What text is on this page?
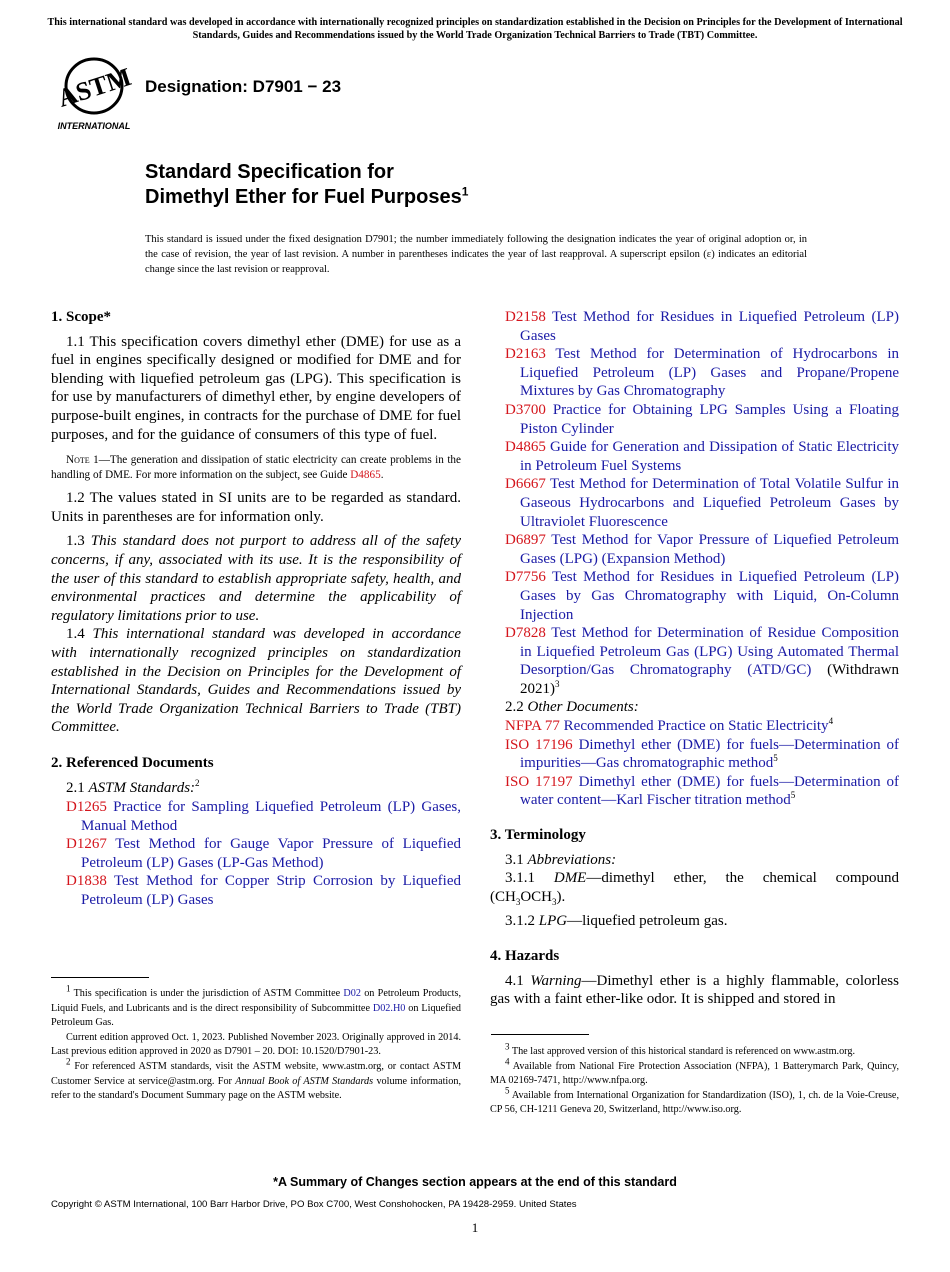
This international standard was developed in accordance with internationally recognized principles on standardization established in the Decision on Principles for the Development of International Standards, Guides and Recommendations issued by the World Trade Organization Technical Barriers to Trade (TBT) Committee.
ASTM
INTERNATIONAL
Designation: D7901 − 23
Standard Specification for
Dimethyl Ether for Fuel Purposes$^1$
This standard is issued under the fixed designation D7901; the number immediately following the designation indicates the year of original adoption or, in the case of revision, the year of last revision. A number in parentheses indicates the year of last reapproval. A superscript epsilon (ε) indicates an editorial change since the last revision or reapproval.
1. Scope*

1.1 This specification covers dimethyl ether (DME) for use as a fuel in engines specifically designed or modified for DME and for blending with liquefied petroleum gas (LPG). This specification is for use by manufacturers of dimethyl ether, by engine developers of purpose-built engines, in contracts for the purchase of DME for fuel purposes, and for the guidance of consumers of this type of fuel.

Note 1—The generation and dissipation of static electricity can create problems in the handling of DME. For more information on the subject, see Guide D4865.

1.2 The values stated in SI units are to be regarded as standard. Units in parentheses are for information only.

1.3 This standard does not purport to address all of the safety concerns, if any, associated with its use. It is the responsibility of the user of this standard to establish appropriate safety, health, and environmental practices and determine the applicability of regulatory limitations prior to use.

1.4 This international standard was developed in accordance with internationally recognized principles on standardization established in the Decision on Principles for the Development of International Standards, Guides and Recommendations issued by the World Trade Organization Technical Barriers to Trade (TBT) Committee.

2. Referenced Documents

2.1 ASTM Standards:$^2$

D1265 Practice for Sampling Liquefied Petroleum (LP) Gases, Manual Method

D1267 Test Method for Gauge Vapor Pressure of Liquefied Petroleum (LP) Gases (LP-Gas Method)

D1838 Test Method for Copper Strip Corrosion by Liquefied Petroleum (LP) Gases

$^1$ This specification is under the jurisdiction of ASTM Committee D02 on Petroleum Products, Liquid Fuels, and Lubricants and is the direct responsibility of Subcommittee D02.H0 on Liquefied Petroleum Gas.

Current edition approved Oct. 1, 2023. Published November 2023. Originally approved in 2014. Last previous edition approved in 2020 as D7901 – 20. DOI: 10.1520/D7901-23.

$^2$ For referenced ASTM standards, visit the ASTM website, www.astm.org, or contact ASTM Customer Service at service@astm.org. For Annual Book of ASTM Standards volume information, refer to the standard's Document Summary page on the ASTM website.

D2158 Test Method for Residues in Liquefied Petroleum (LP) Gases

D2163 Test Method for Determination of Hydrocarbons in Liquefied Petroleum (LP) Gases and Propane/Propene Mixtures by Gas Chromatography

D3700 Practice for Obtaining LPG Samples Using a Floating Piston Cylinder

D4865 Guide for Generation and Dissipation of Static Electricity in Petroleum Fuel Systems

D6667 Test Method for Determination of Total Volatile Sulfur in Gaseous Hydrocarbons and Liquefied Petroleum Gases by Ultraviolet Fluorescence

D6897 Test Method for Vapor Pressure of Liquefied Petroleum Gases (LPG) (Expansion Method)

D7756 Test Method for Residues in Liquefied Petroleum (LP) Gases by Gas Chromatography with Liquid, On-Column Injection

D7828 Test Method for Determination of Residue Composition in Liquefied Petroleum Gas (LPG) Using Automated Thermal Desorption/Gas Chromatography (ATD/GC) (Withdrawn 2021)$^3$

2.2 Other Documents:

NFPA 77 Recommended Practice on Static Electricity$^4$

ISO 17196 Dimethyl ether (DME) for fuels—Determination of impurities—Gas chromatographic method$^5$

ISO 17197 Dimethyl ether (DME) for fuels—Determination of water content—Karl Fischer titration method$^5$

3. Terminology

3.1 Abbreviations:

3.1.1 DME—dimethyl ether, the chemical compound $(CH_3OCH_3)$.

3.1.2 LPG—liquefied petroleum gas.

4. Hazards

4.1 Warning—Dimethyl ether is a highly flammable, colorless gas with a faint ether-like odor. It is shipped and stored in

$^3$ The last approved version of this historical standard is referenced on www.astm.org.

$^4$ Available from National Fire Protection Association (NFPA), 1 Batterymarch Park, Quincy, MA 02169-7471, http://www.nfpa.org.

$^5$ Available from International Organization for Standardization (ISO), 1, ch. de la Voie-Creuse, CP 56, CH-1211 Geneva 20, Switzerland, http://www.iso.org.

*A Summary of Changes section appears at the end of this standard
Copyright © ASTM International, 100 Barr Harbor Drive, PO Box C700, West Conshohocken, PA 19428-2959. United States
1
